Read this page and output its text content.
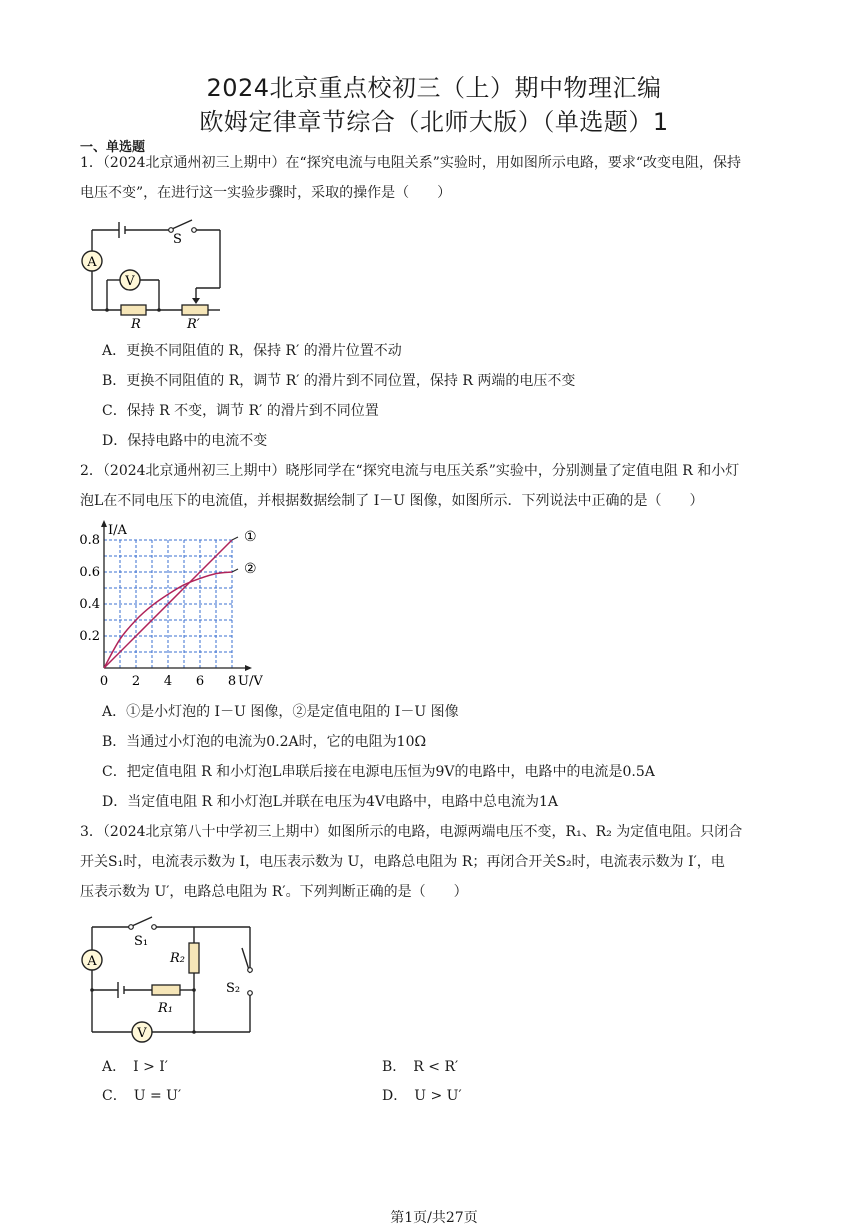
2024北京重点校初三（上）期中物理汇编
欧姆定律章节综合（北师大版）（单选题）1
一、单选题
1．（2024北京通州初三上期中）在“探究电流与电阻关系”实验时，用如图所示电路，要求“改变电阻，保持
电压不变”，在进行这一实验步骤时，采取的操作是（　　）
A
V
S
R	R′
A．更换不同阻值的 R，保持 R′ 的滑片位置不动
B．更换不同阻值的 R，调节 R′ 的滑片到不同位置，保持 R 两端的电压不变
C．保持 R 不变，调节 R′ 的滑片到不同位置
D．保持电路中的电流不变
2．（2024北京通州初三上期中）晓彤同学在“探究电流与电压关系”实验中，分别测量了定值电阻 R 和小灯
泡L在不同电压下的电流值，并根据数据绘制了 I－U 图像，如图所示．下列说法中正确的是（　　）
0 2 4 6 8
0.2
0.4
0.6
0.8
I/A
U/V
①
②
A．①是小灯泡的 I－U 图像，②是定值电阻的 I－U 图像
B．当通过小灯泡的电流为0.2A时，它的电阻为10Ω
C．把定值电阻 R 和小灯泡L串联后接在电源电压恒为9V的电路中，电路中的电流是0.5A
D．当定值电阻 R 和小灯泡L并联在电压为4V电路中，电路中总电流为1A
3．（2024北京第八十中学初三上期中）如图所示的电路，电源两端电压不变，R₁、R₂ 为定值电阻。只闭合
开关S₁时，电流表示数为 I，电压表示数为 U，电路总电阻为 R；再闭合开关S₂时，电流表示数为 I′，电
压表示数为 U′，电路总电阻为 R′。下列判断正确的是（　　）
A
V
S₁
R₂
R₁
S₂
A．　I > I′	B．　R < R′
C．　U = U′	D．　U > U′
第1页/共27页
